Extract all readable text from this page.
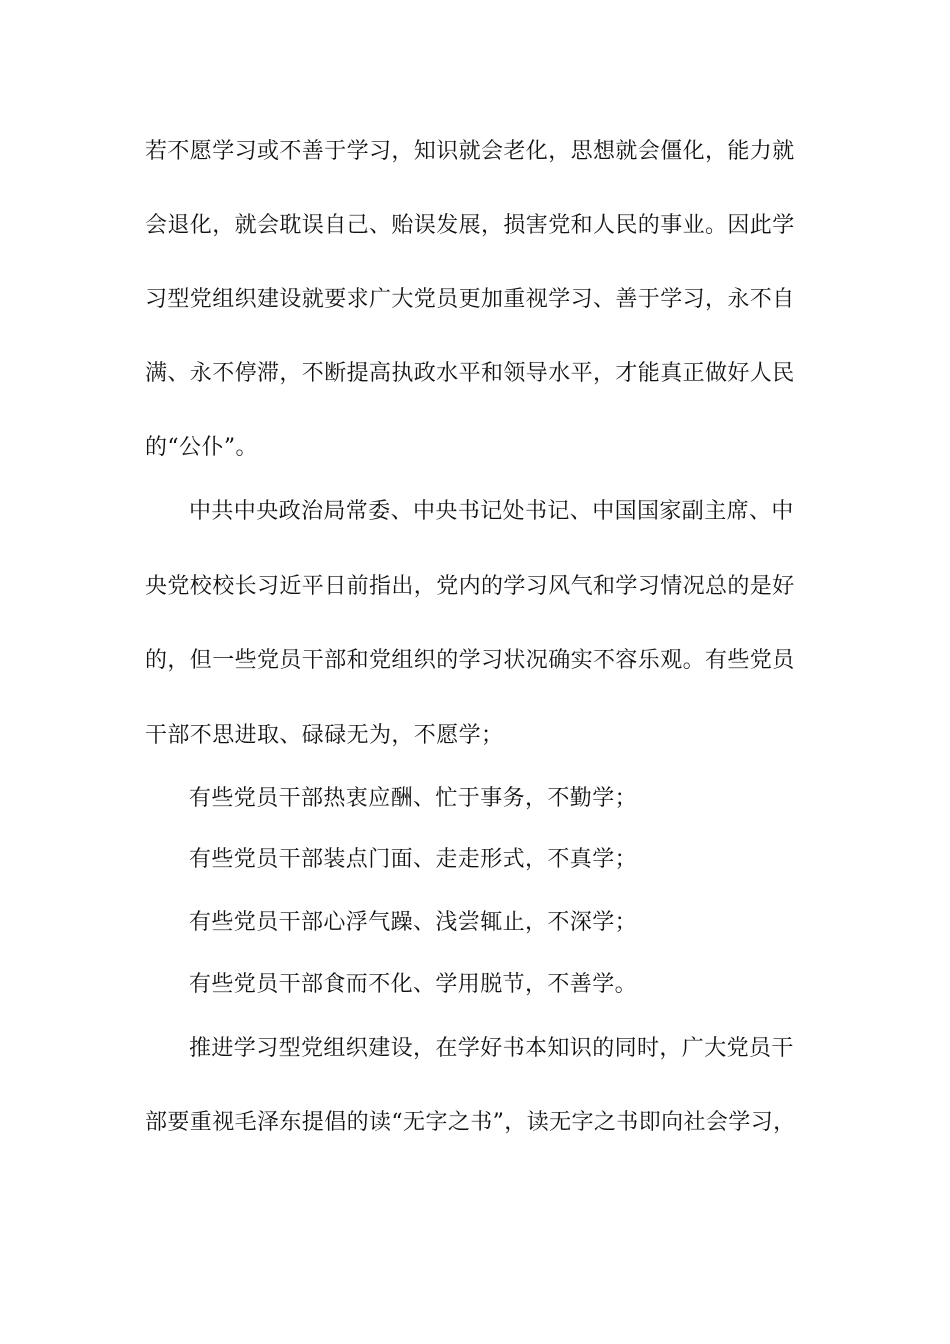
若不愿学习或不善于学习，知识就会老化，思想就会僵化，能力就
会退化，就会耽误自己、贻误发展，损害党和人民的事业。因此学
习型党组织建设就要求广大党员更加重视学习、善于学习，永不自
满、永不停滞，不断提高执政水平和领导水平，才能真正做好人民
的“公仆”。
中共中央政治局常委、中央书记处书记、中国国家副主席、中
央党校校长习近平日前指出，党内的学习风气和学习情况总的是好
的，但一些党员干部和党组织的学习状况确实不容乐观。有些党员
干部不思进取、碌碌无为，不愿学；
有些党员干部热衷应酬、忙于事务，不勤学；
有些党员干部装点门面、走走形式，不真学；
有些党员干部心浮气躁、浅尝辄止，不深学；
有些党员干部食而不化、学用脱节，不善学。
推进学习型党组织建设，在学好书本知识的同时，广大党员干
部要重视毛泽东提倡的读“无字之书”，读无字之书即向社会学习，
